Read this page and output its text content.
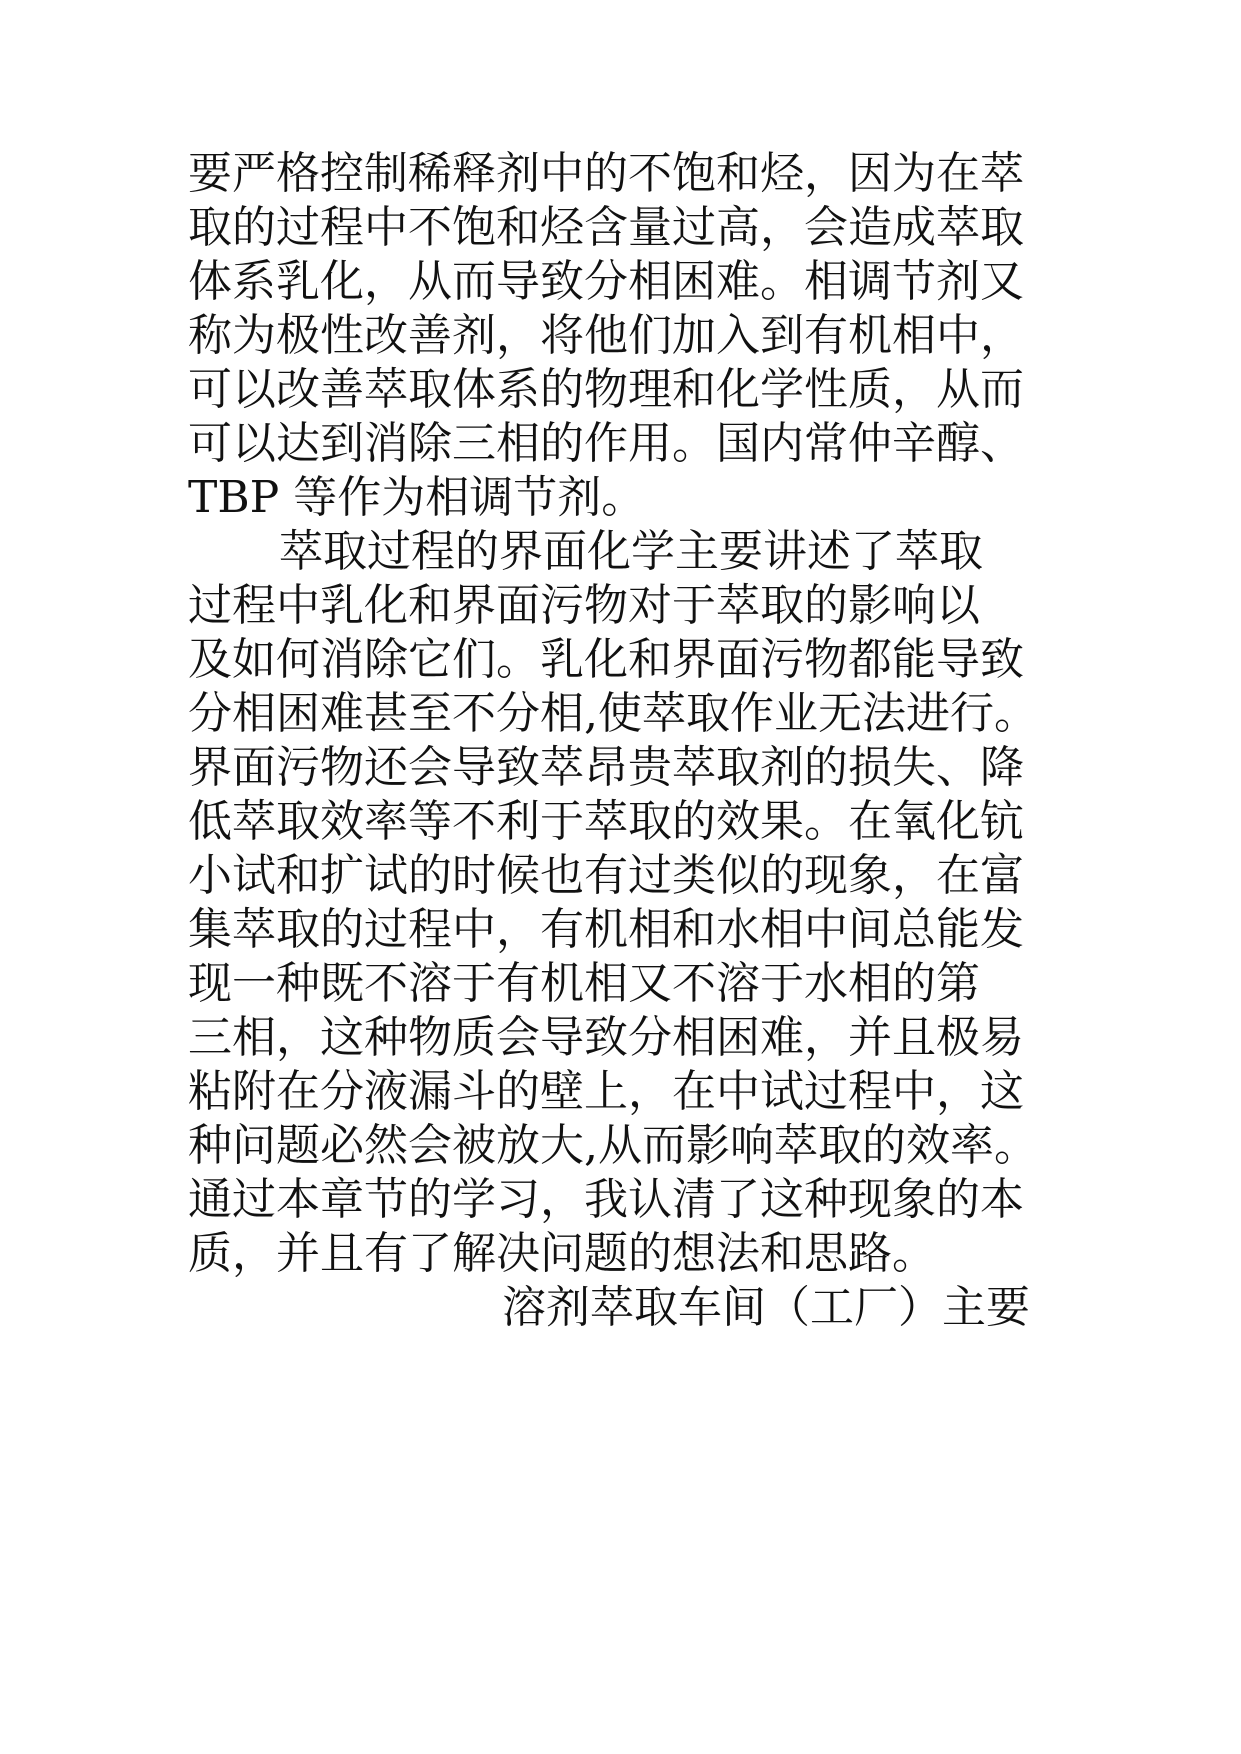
要严格控制稀释剂中的不饱和烃，因为在萃

取的过程中不饱和烃含量过高，会造成萃取

体系乳化，从而导致分相困难。相调节剂又

称为极性改善剂，将他们加入到有机相中，

可以改善萃取体系的物理和化学性质，从而

可以达到消除三相的作用。国内常仲辛醇、

TBP 等作为相调节剂。

萃取过程的界面化学主要讲述了萃取

过程中乳化和界面污物对于萃取的影响以

及如何消除它们。乳化和界面污物都能导致

分相困难甚至不分相,使萃取作业无法进行。

界面污物还会导致萃昂贵萃取剂的损失、降

低萃取效率等不利于萃取的效果。在氧化钪

小试和扩试的时候也有过类似的现象，在富

集萃取的过程中，有机相和水相中间总能发

现一种既不溶于有机相又不溶于水相的第

三相，这种物质会导致分相困难，并且极易

粘附在分液漏斗的壁上，在中试过程中，这

种问题必然会被放大,从而影响萃取的效率。

通过本章节的学习，我认清了这种现象的本

质，并且有了解决问题的想法和思路。

溶剂萃取车间（工厂）主要
